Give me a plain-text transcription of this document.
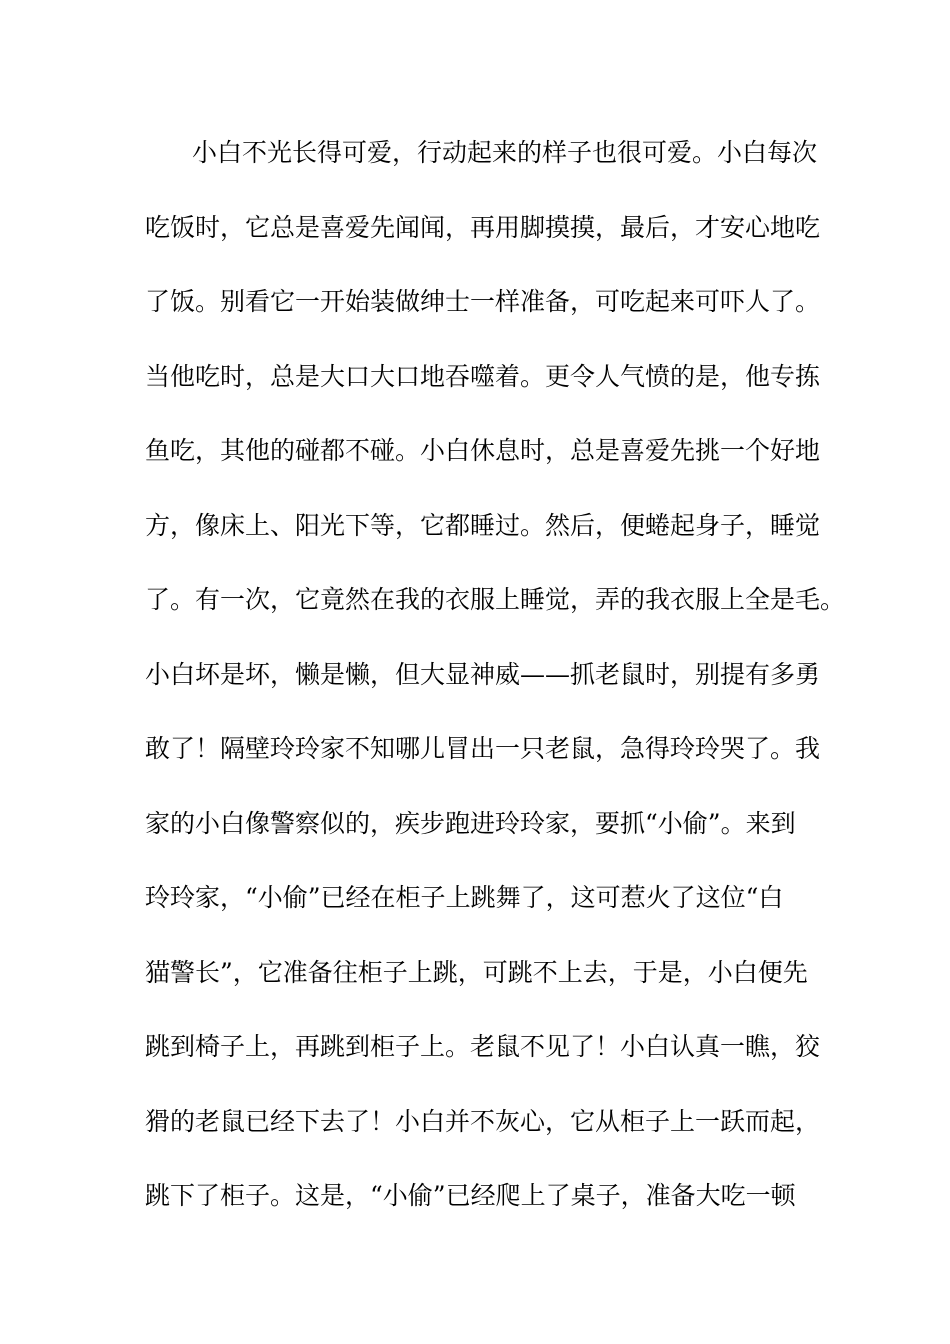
小白不光长得可爱，行动起来的样子也很可爱。小白每次
吃饭时，它总是喜爱先闻闻，再用脚摸摸，最后，才安心地吃
了饭。别看它一开始装做绅士一样准备，可吃起来可吓人了。
当他吃时，总是大口大口地吞噬着。更令人气愤的是，他专拣
鱼吃，其他的碰都不碰。小白休息时，总是喜爱先挑一个好地
方，像床上、阳光下等，它都睡过。然后，便蜷起身子，睡觉
了。有一次，它竟然在我的衣服上睡觉，弄的我衣服上全是毛。
小白坏是坏，懒是懒，但大显神威——抓老鼠时，别提有多勇
敢了！隔壁玲玲家不知哪儿冒出一只老鼠，急得玲玲哭了。我
家的小白像警察似的，疾步跑进玲玲家，要抓“小偷”。来到
玲玲家，“小偷”已经在柜子上跳舞了，这可惹火了这位“白
猫警长”，它准备往柜子上跳，可跳不上去，于是，小白便先
跳到椅子上，再跳到柜子上。老鼠不见了！小白认真一瞧，狡
猾的老鼠已经下去了！小白并不灰心，它从柜子上一跃而起，
跳下了柜子。这是，“小偷”已经爬上了桌子，准备大吃一顿
